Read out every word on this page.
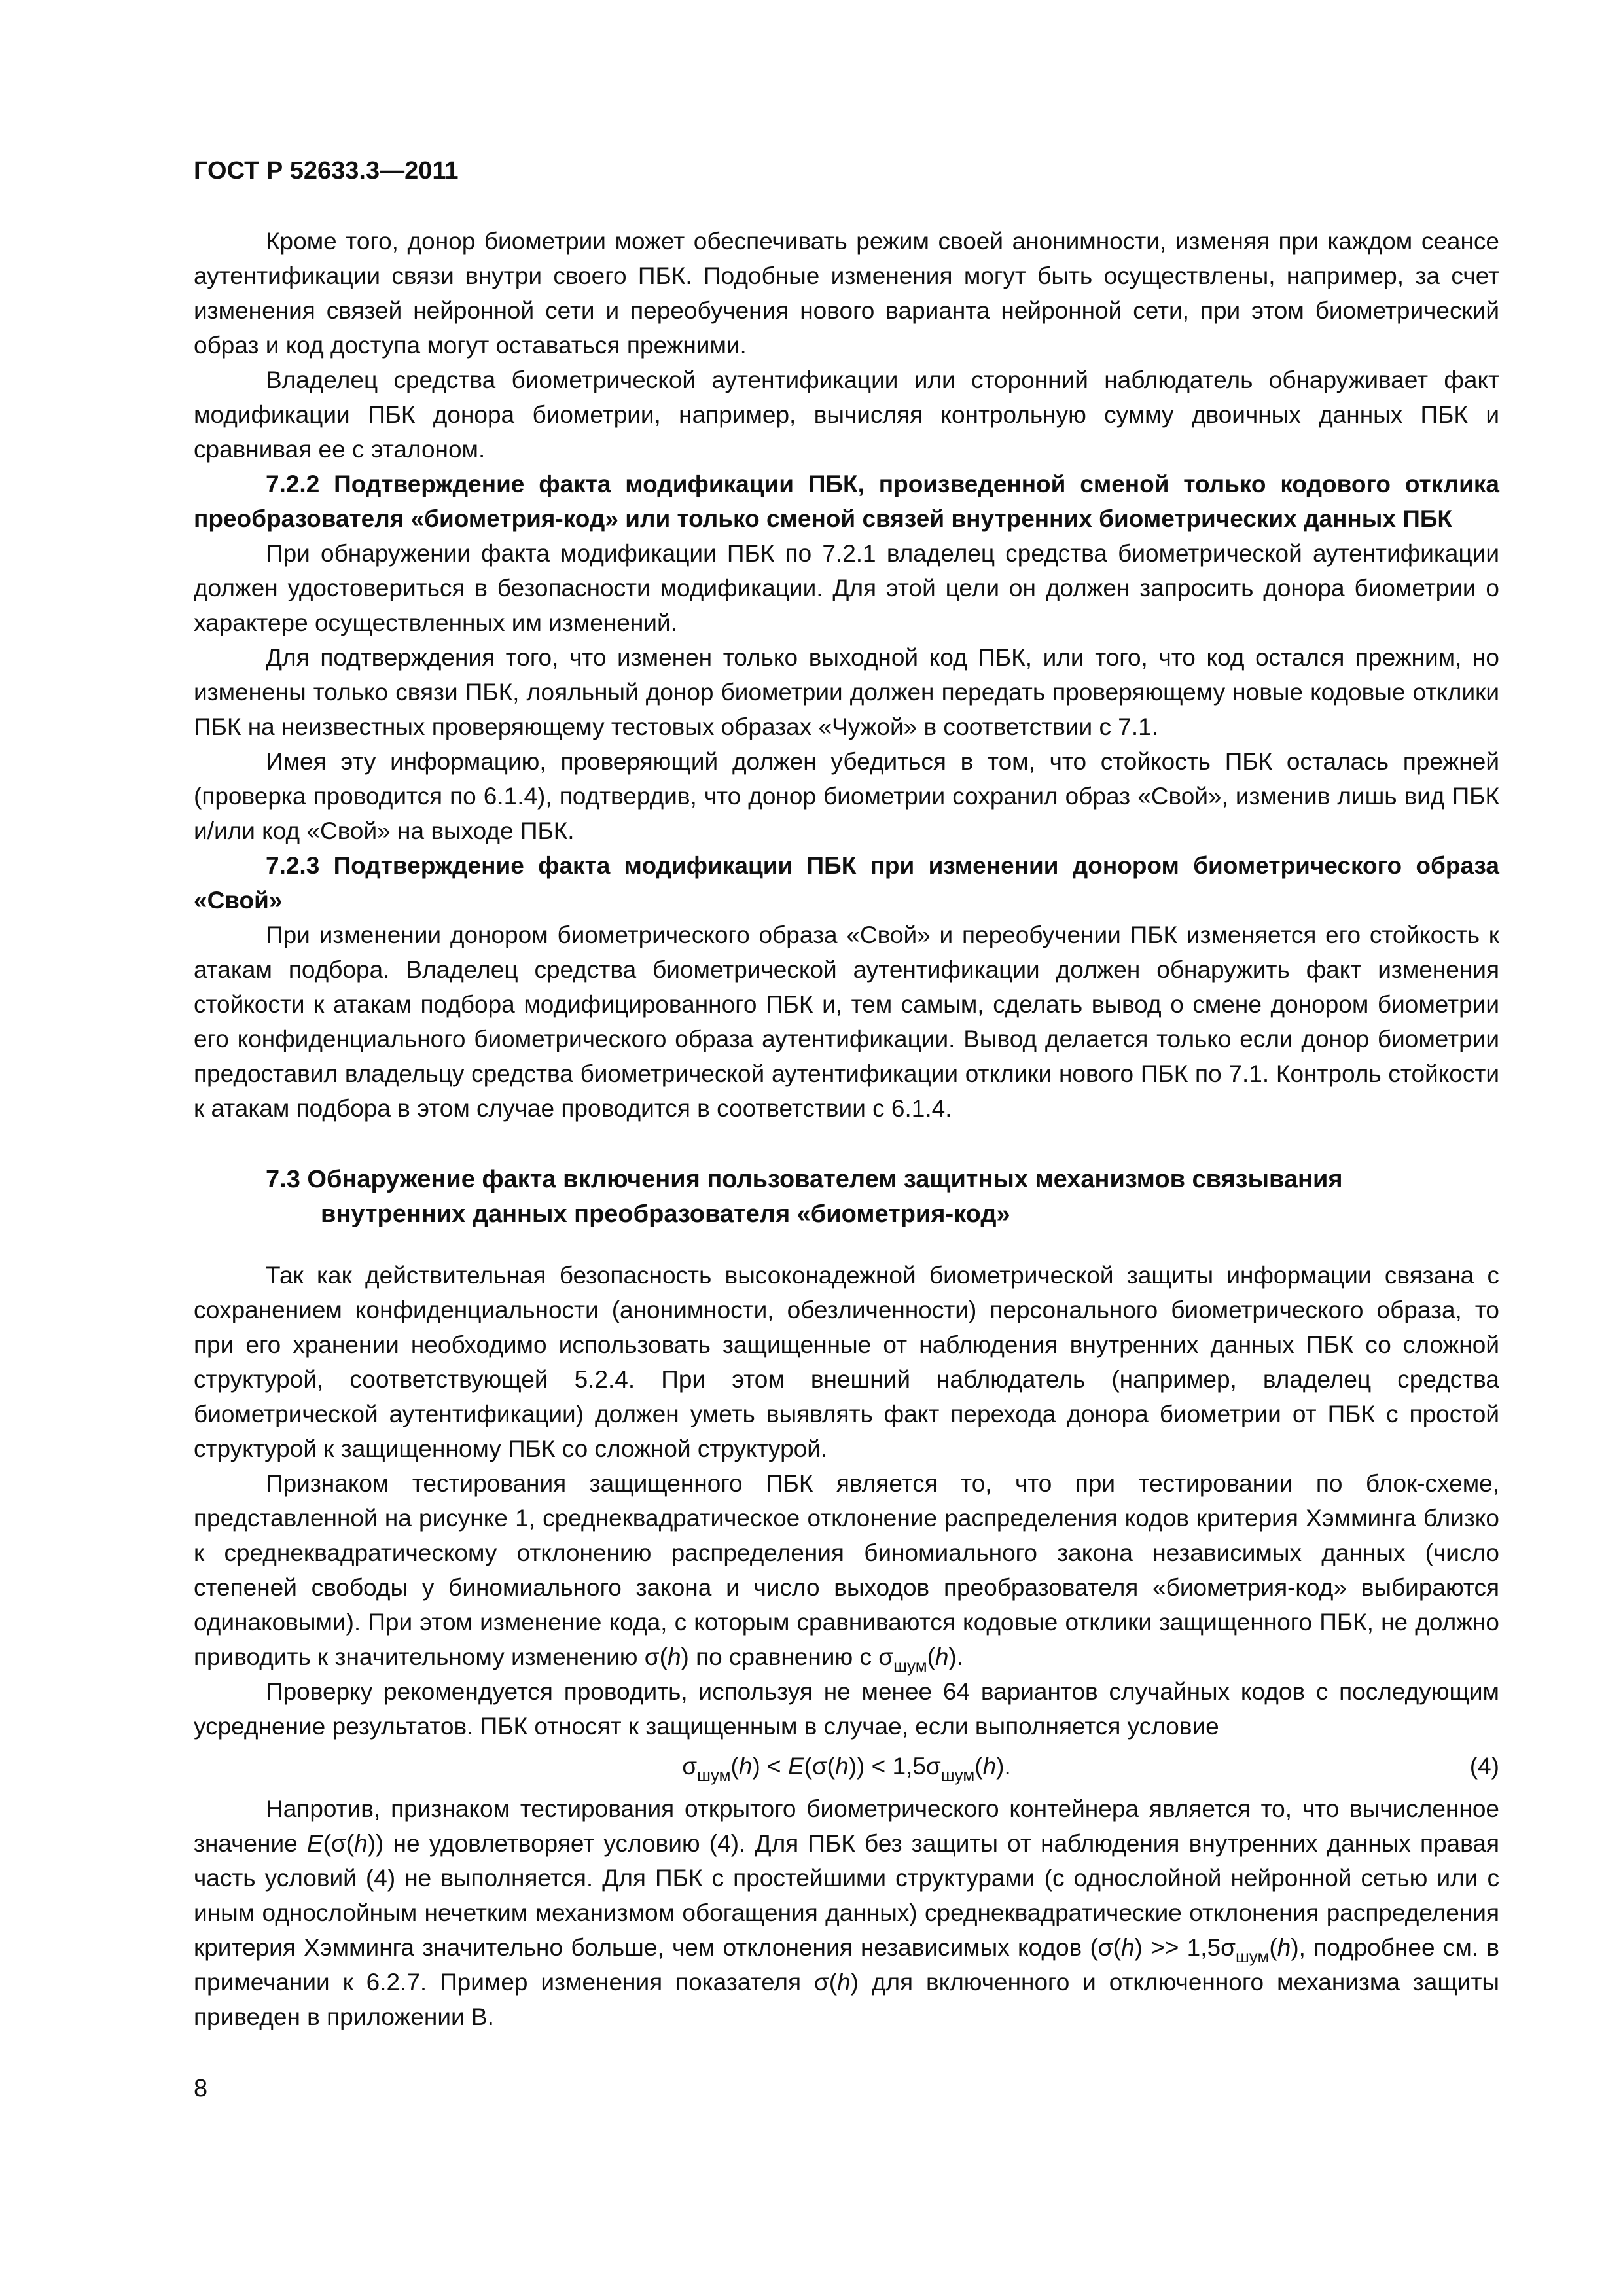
ГОСТ Р 52633.3—2011

Кроме того, донор биометрии может обеспечивать режим своей анонимности, изменяя при каждом сеансе аутентификации связи внутри своего ПБК. Подобные изменения могут быть осуществлены, например, за счет изменения связей нейронной сети и переобучения нового варианта нейронной сети, при этом биометрический образ и код доступа могут оставаться прежними.

Владелец средства биометрической аутентификации или сторонний наблюдатель обнаруживает факт модификации ПБК донора биометрии, например, вычисляя контрольную сумму двоичных данных ПБК и сравнивая ее с эталоном.

7.2.2 Подтверждение факта модификации ПБК, произведенной сменой только кодового отклика преобразователя «биометрия-код» или только сменой связей внутренних биометрических данных ПБК

При обнаружении факта модификации ПБК по 7.2.1 владелец средства биометрической аутентификации должен удостовериться в безопасности модификации. Для этой цели он должен запросить донора биометрии о характере осуществленных им изменений.

Для подтверждения того, что изменен только выходной код ПБК, или того, что код остался прежним, но изменены только связи ПБК, лояльный донор биометрии должен передать проверяющему новые кодовые отклики ПБК на неизвестных проверяющему тестовых образах «Чужой» в соответствии с 7.1.

Имея эту информацию, проверяющий должен убедиться в том, что стойкость ПБК осталась прежней (проверка проводится по 6.1.4), подтвердив, что донор биометрии сохранил образ «Свой», изменив лишь вид ПБК и/или код «Свой» на выходе ПБК.

7.2.3 Подтверждение факта модификации ПБК при изменении донором биометрического образа «Свой»

При изменении донором биометрического образа «Свой» и переобучении ПБК изменяется его стойкость к атакам подбора. Владелец средства биометрической аутентификации должен обнаружить факт изменения стойкости к атакам подбора модифицированного ПБК и, тем самым, сделать вывод о смене донором биометрии его конфиденциального биометрического образа аутентификации. Вывод делается только если донор биометрии предоставил владельцу средства биометрической аутентификации отклики нового ПБК по 7.1. Контроль стойкости к атакам подбора в этом случае проводится в соответствии с 6.1.4.

7.3 Обнаружение факта включения пользователем защитных механизмов связывания
внутренних данных преобразователя «биометрия-код»

Так как действительная безопасность высоконадежной биометрической защиты информации связана с сохранением конфиденциальности (анонимности, обезличенности) персонального биометрического образа, то при его хранении необходимо использовать защищенные от наблюдения внутренних данных ПБК со сложной структурой, соответствующей 5.2.4. При этом внешний наблюдатель (например, владелец средства биометрической аутентификации) должен уметь выявлять факт перехода донора биометрии от ПБК с простой структурой к защищенному ПБК со сложной структурой.

Признаком тестирования защищенного ПБК является то, что при тестировании по блок-схеме, представленной на рисунке 1, среднеквадратическое отклонение распределения кодов критерия Хэмминга близко к среднеквадратическому отклонению распределения биномиального закона независимых данных (число степеней свободы у биномиального закона и число выходов преобразователя «биометрия-код» выбираются одинаковыми). При этом изменение кода, с которым сравниваются кодовые отклики защищенного ПБК, не должно приводить к значительному изменению σ(h) по сравнению с $\sigma_{шум}(h)$.

Проверку рекомендуется проводить, используя не менее 64 вариантов случайных кодов с последующим усреднение результатов. ПБК относят к защищенным в случае, если выполняется условие

$\sigma_{шум}(h) < E(\sigma(h)) < 1,5\sigma_{шум}(h)$.	(4)

Напротив, признаком тестирования открытого биометрического контейнера является то, что вычисленное значение E(σ(h)) не удовлетворяет условию (4). Для ПБК без защиты от наблюдения внутренних данных правая часть условий (4) не выполняется. Для ПБК с простейшими структурами (с однослойной нейронной сетью или с иным однослойным нечетким механизмом обогащения данных) среднеквадратические отклонения распределения критерия Хэмминга значительно больше, чем отклонения независимых кодов ($\sigma(h) >> 1,5\sigma_{шум}(h)$, подробнее см. в примечании к 6.2.7. Пример изменения показателя σ(h) для включенного и отключенного механизма защиты приведен в приложении В.

8
